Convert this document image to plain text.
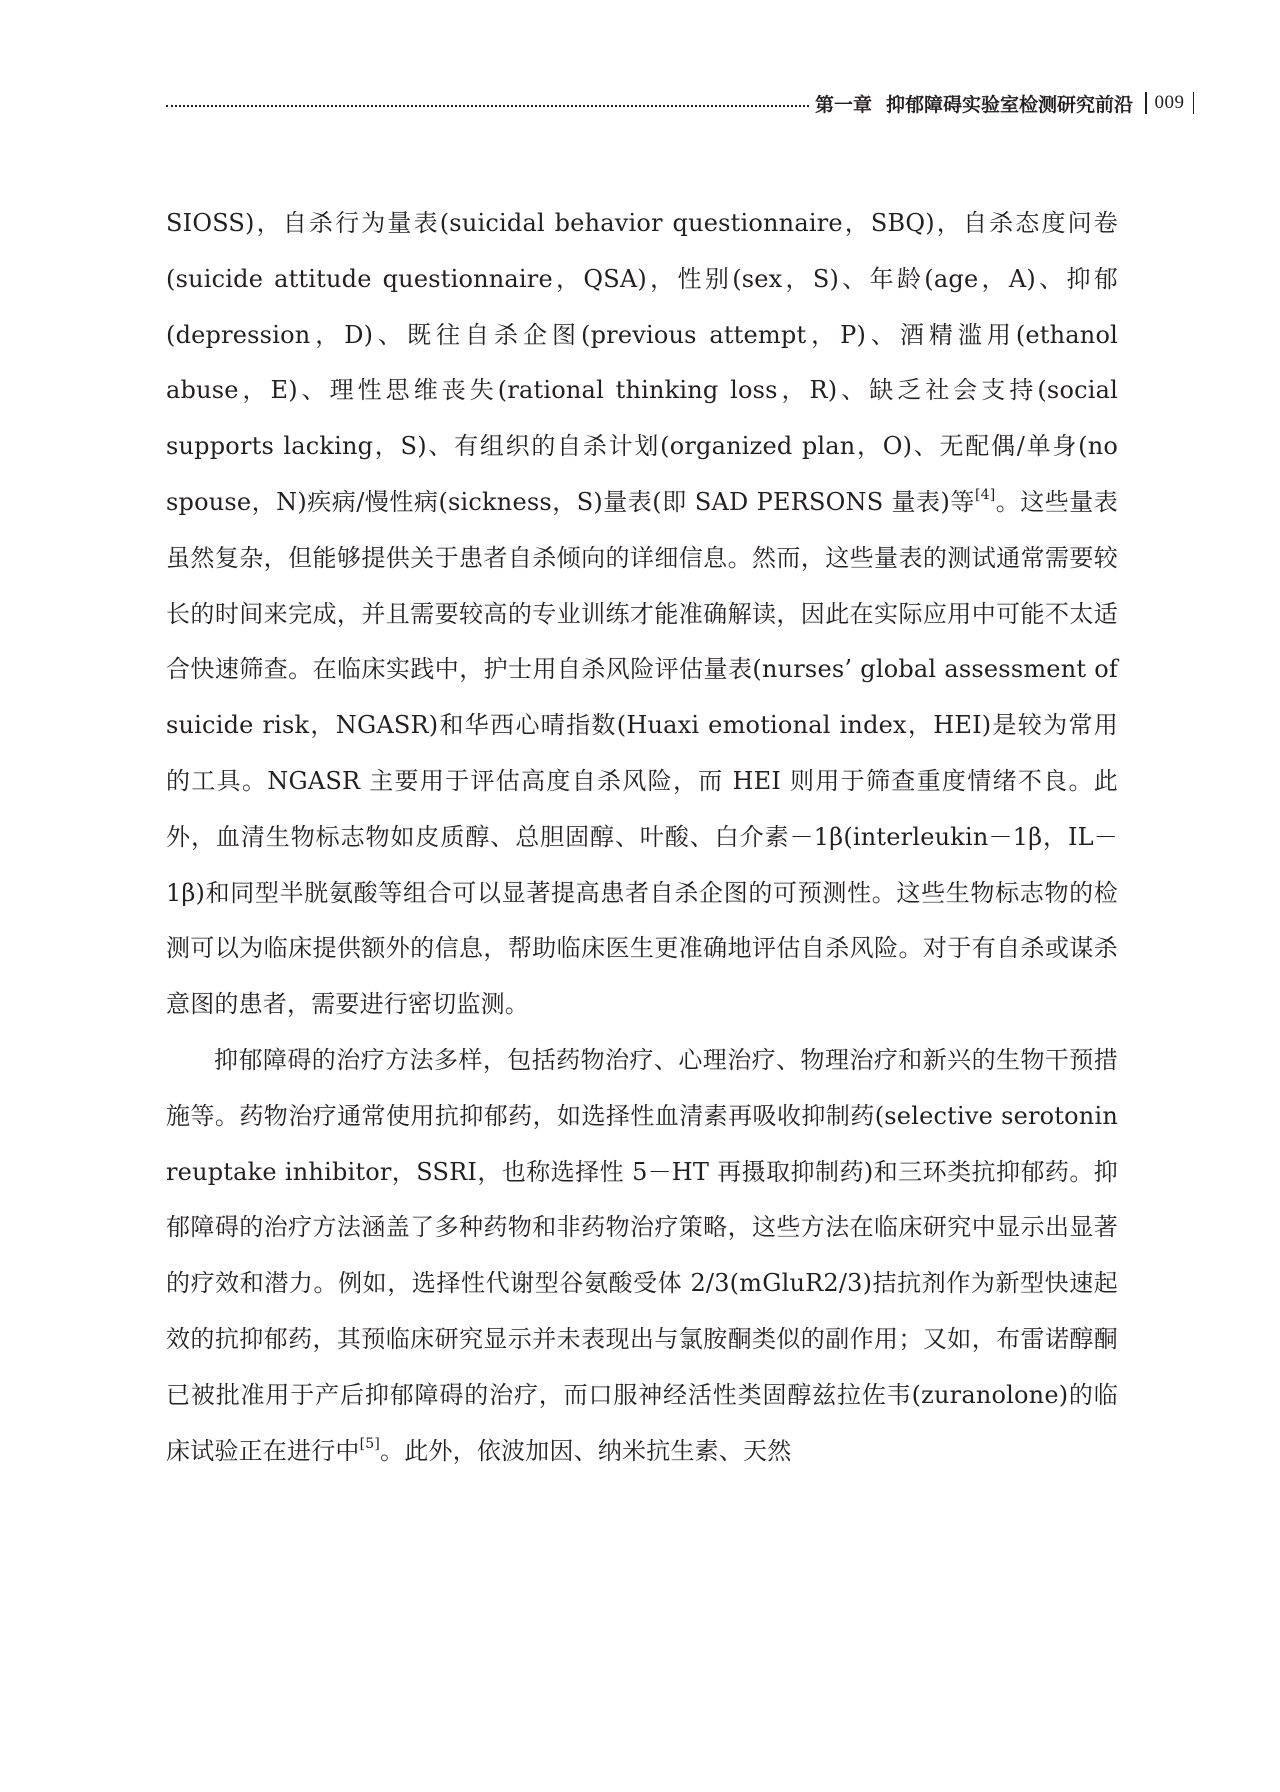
第一章 抑郁障碍实验室检测研究前沿 009

SIOSS)，自杀行为量表(suicidal behavior questionnaire，SBQ)，自杀态度问卷(suicide attitude questionnaire，QSA)，性别(sex，S)、年龄(age，A)、抑郁(depression，D)、既往自杀企图(previous attempt，P)、酒精滥用(ethanol abuse，E)、理性思维丧失(rational thinking loss，R)、缺乏社会支持(social supports lacking，S)、有组织的自杀计划(organized plan，O)、无配偶/单身(no spouse，N)疾病/慢性病(sickness，S)量表(即 SAD PERSONS 量表)等[4]。这些量表虽然复杂，但能够提供关于患者自杀倾向的详细信息。然而，这些量表的测试通常需要较长的时间来完成，并且需要较高的专业训练才能准确解读，因此在实际应用中可能不太适合快速筛查。在临床实践中，护士用自杀风险评估量表(nurses’ global assessment of suicide risk，NGASR)和华西心晴指数(Huaxi emotional index，HEI)是较为常用的工具。NGASR 主要用于评估高度自杀风险，而 HEI 则用于筛查重度情绪不良。此外，血清生物标志物如皮质醇、总胆固醇、叶酸、白介素－1β(interleukin－1β，IL－1β)和同型半胱氨酸等组合可以显著提高患者自杀企图的可预测性。这些生物标志物的检测可以为临床提供额外的信息，帮助临床医生更准确地评估自杀风险。对于有自杀或谋杀意图的患者，需要进行密切监测。

抑郁障碍的治疗方法多样，包括药物治疗、心理治疗、物理治疗和新兴的生物干预措施等。药物治疗通常使用抗抑郁药，如选择性血清素再吸收抑制药(selective serotonin reuptake inhibitor，SSRI，也称选择性 5－HT 再摄取抑制药)和三环类抗抑郁药。抑郁障碍的治疗方法涵盖了多种药物和非药物治疗策略，这些方法在临床研究中显示出显著的疗效和潜力。例如，选择性代谢型谷氨酸受体 2/3(mGluR2/3)拮抗剂作为新型快速起效的抗抑郁药，其预临床研究显示并未表现出与氯胺酮类似的副作用；又如，布雷诺醇酮已被批准用于产后抑郁障碍的治疗，而口服神经活性类固醇兹拉佐韦(zuranolone)的临床试验正在进行中[5]。此外，依波加因、纳米抗生素、天然
